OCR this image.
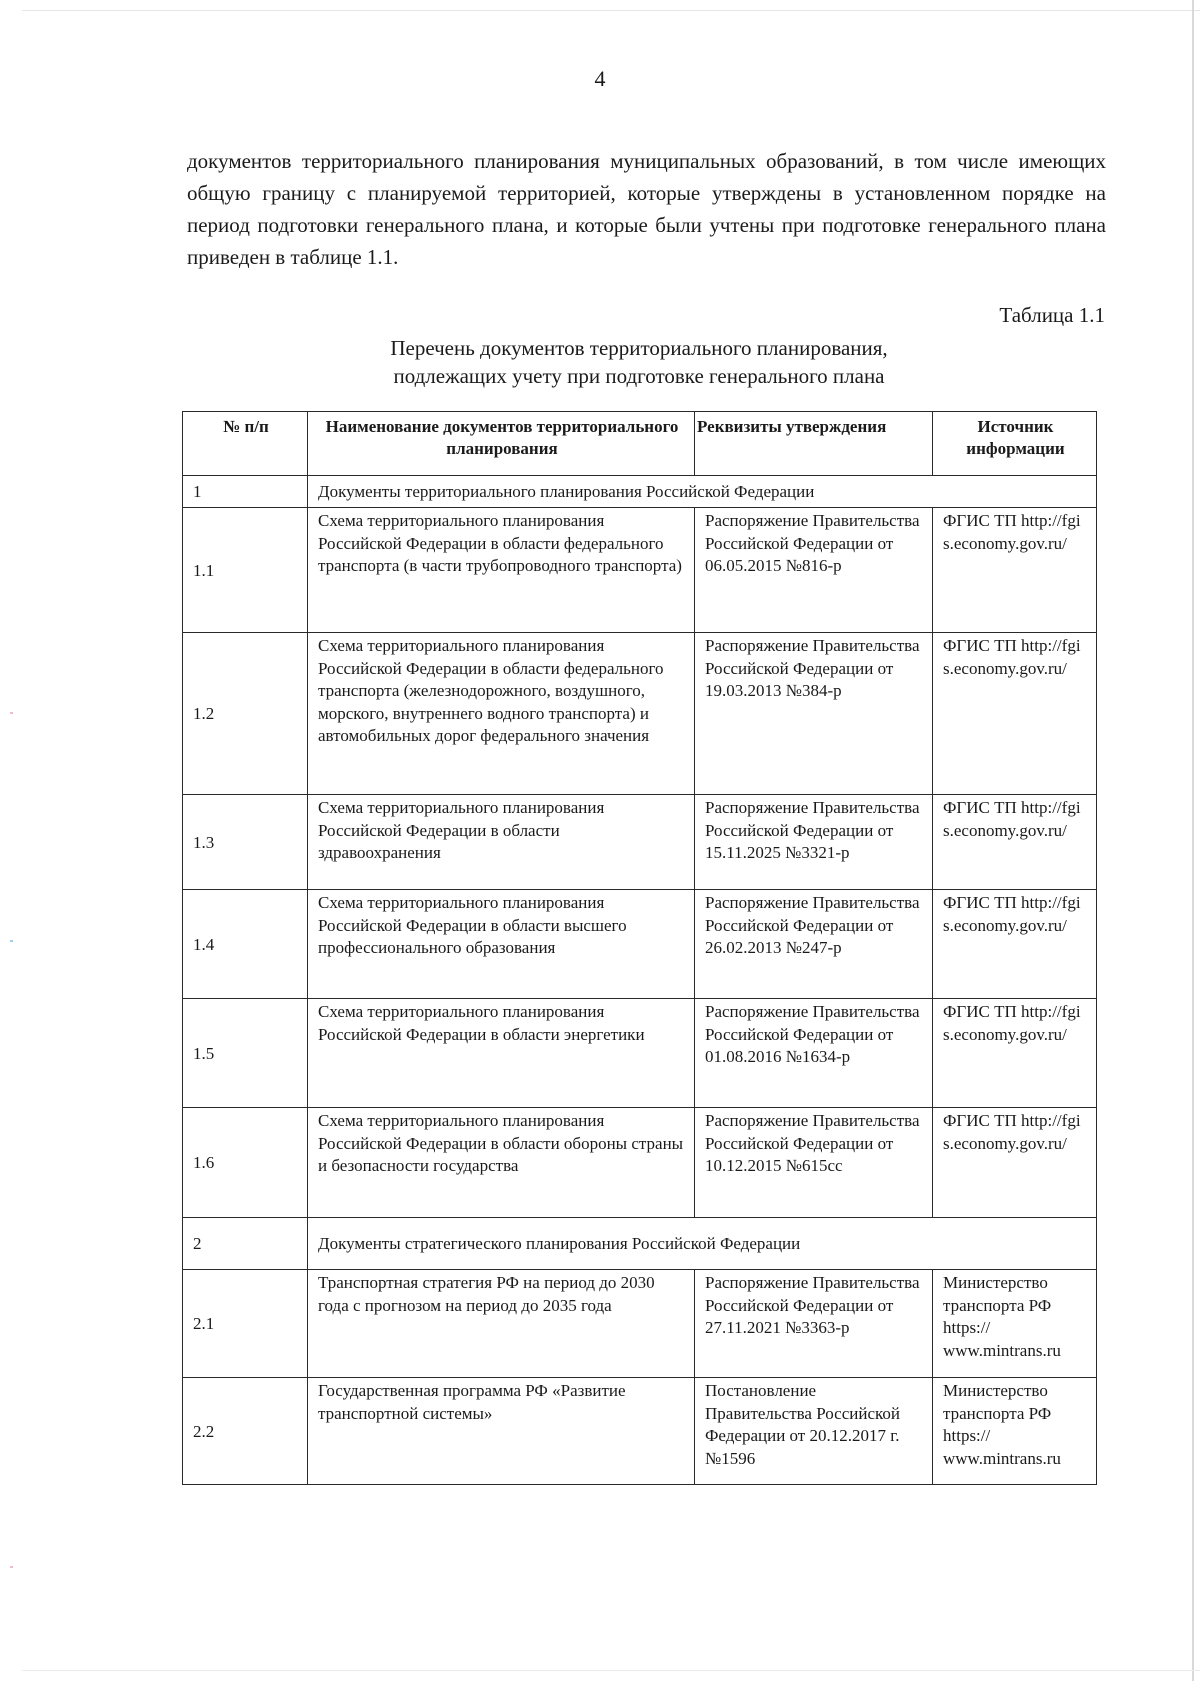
4
документов территориального планирования муниципальных образований, в том числе имеющих общую границу с планируемой территорией, которые утверждены в установленном порядке на период подготовки генерального плана, и которые были учтены при подготовке генерального плана приведен в таблице 1.1.
Таблица 1.1
Перечень документов территориального планирования,
подлежащих учету при подготовке генерального плана
№ п/п	Наименование документов территориального планирования	Реквизиты утверждения	Источник информации
1	Документы территориального планирования Российской Федерации		
1.1	Схема территориального планирования Российской Федерации в области федерального транспорта (в части трубопроводного транспорта)	Распоряжение Правительства Российской Федерации от 06.05.2015 №816-р	ФГИС ТП http://fgis.economy.gov.ru/
1.2	Схема территориального планирования Российской Федерации в области федерального транспорта (железнодорожного, воздушного, морского, внутреннего водного транспорта) и автомобильных дорог федерального значения	Распоряжение Правительства Российской Федерации от 19.03.2013 №384-р	ФГИС ТП http://fgis.economy.gov.ru/
1.3	Схема территориального планирования Российской Федерации в области здравоохранения	Распоряжение Правительства Российской Федерации от 15.11.2025 №3321-р	ФГИС ТП http://fgis.economy.gov.ru/
1.4	Схема территориального планирования Российской Федерации в области высшего профессионального образования	Распоряжение Правительства Российской Федерации от 26.02.2013 №247-р	ФГИС ТП http://fgis.economy.gov.ru/
1.5	Схема территориального планирования Российской Федерации в области энергетики	Распоряжение Правительства Российской Федерации от 01.08.2016 №1634-р	ФГИС ТП http://fgis.economy.gov.ru/
1.6	Схема территориального планирования Российской Федерации в области обороны страны и безопасности государства	Распоряжение Правительства Российской Федерации от 10.12.2015 №615сс	ФГИС ТП http://fgis.economy.gov.ru/
2	Документы стратегического планирования Российской Федерации		
2.1	Транспортная стратегия РФ на период до 2030 года с прогнозом на период до 2035 года	Распоряжение Правительства Российской Федерации от 27.11.2021 №3363-р	Министерство транспорта РФ https:// www.mintrans.ru
2.2	Государственная программа РФ «Развитие транспортной системы»	Постановление Правительства Российской Федерации от 20.12.2017 г. №1596	Министерство транспорта РФ https:// www.mintrans.ru
